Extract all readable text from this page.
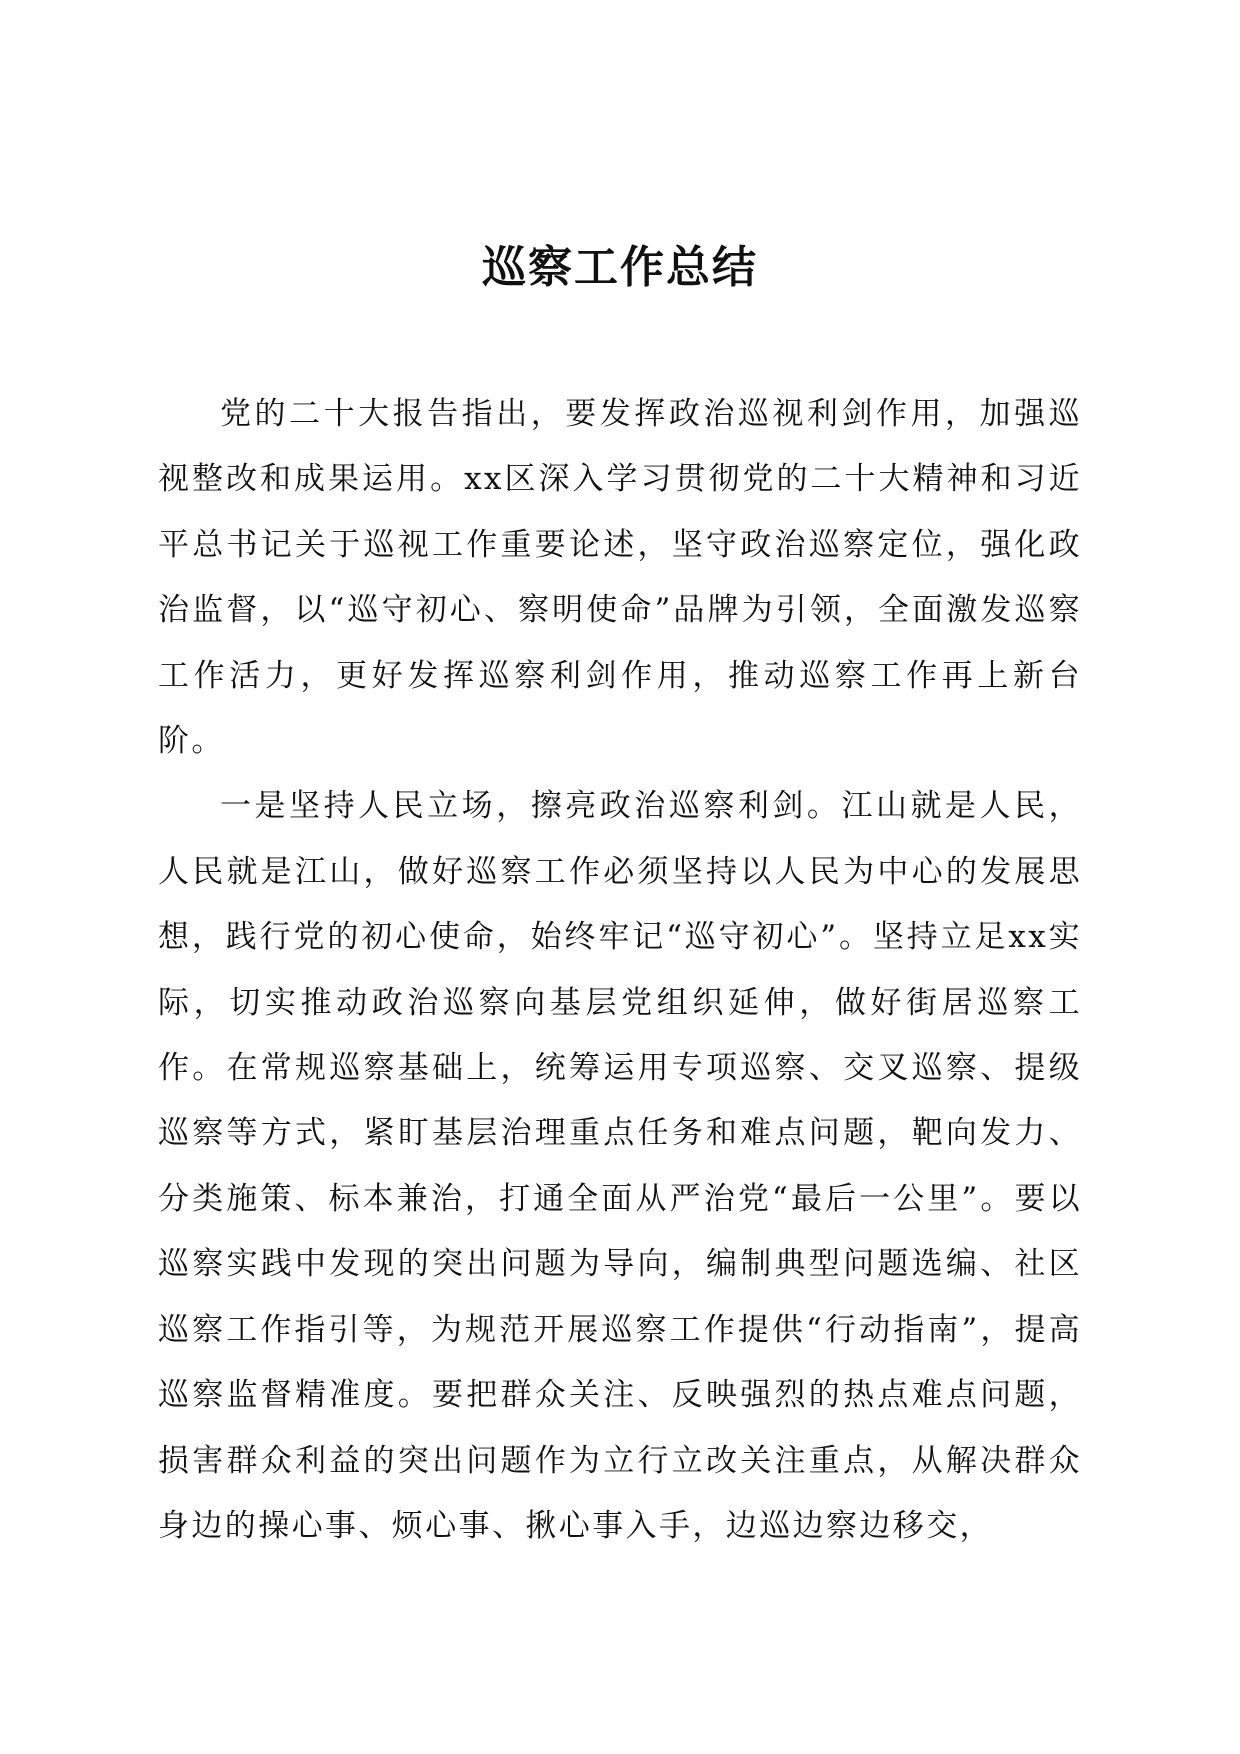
巡察工作总结

党的二十大报告指出，要发挥政治巡视利剑作用，加强巡视整改和成果运用。xx区深入学习贯彻党的二十大精神和习近平总书记关于巡视工作重要论述，坚守政治巡察定位，强化政治监督，以“巡守初心、察明使命”品牌为引领，全面激发巡察工作活力，更好发挥巡察利剑作用，推动巡察工作再上新台阶。

一是坚持人民立场，擦亮政治巡察利剑。江山就是人民，人民就是江山，做好巡察工作必须坚持以人民为中心的发展思想，践行党的初心使命，始终牢记“巡守初心”。坚持立足xx实际，切实推动政治巡察向基层党组织延伸，做好街居巡察工作。在常规巡察基础上，统筹运用专项巡察、交叉巡察、提级巡察等方式，紧盯基层治理重点任务和难点问题，靶向发力、分类施策、标本兼治，打通全面从严治党“最后一公里”。要以巡察实践中发现的突出问题为导向，编制典型问题选编、社区巡察工作指引等，为规范开展巡察工作提供“行动指南”，提高巡察监督精准度。要把群众关注、反映强烈的热点难点问题，损害群众利益的突出问题作为立行立改关注重点，从解决群众身边的操心事、烦心事、揪心事入手，边巡边察边移交，
